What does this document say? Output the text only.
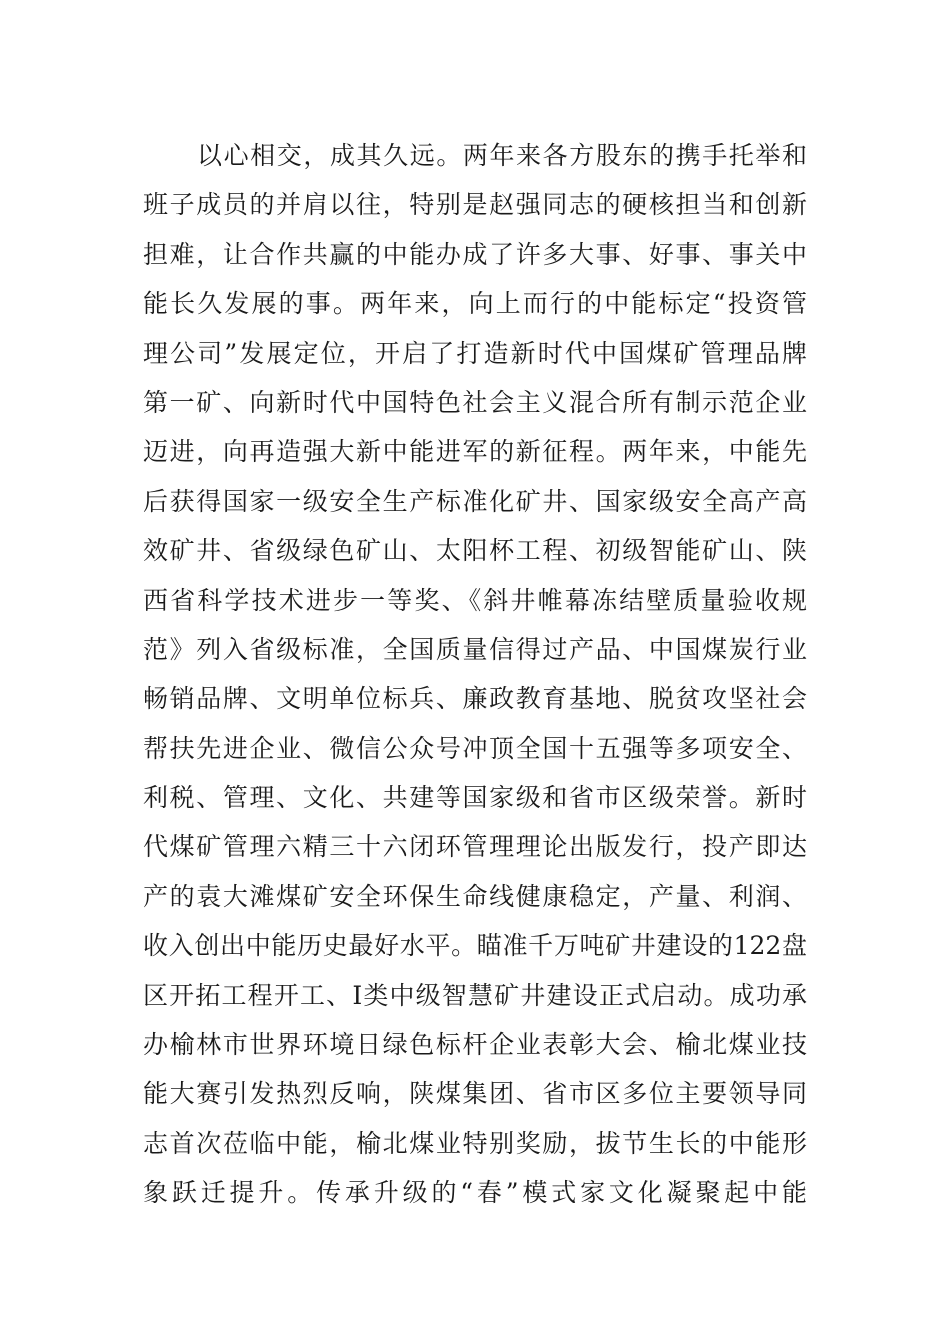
以心相交，成其久远。两年来各方股东的携手托举和
班子成员的并肩以往，特别是赵强同志的硬核担当和创新
担难，让合作共赢的中能办成了许多大事、好事、事关中
能长久发展的事。两年来，向上而行的中能标定“投资管
理公司”发展定位，开启了打造新时代中国煤矿管理品牌
第一矿、向新时代中国特色社会主义混合所有制示范企业
迈进，向再造强大新中能进军的新征程。两年来，中能先
后获得国家一级安全生产标准化矿井、国家级安全高产高
效矿井、省级绿色矿山、太阳杯工程、初级智能矿山、陕
西省科学技术进步一等奖、《斜井帷幕冻结壁质量验收规
范》列入省级标准，全国质量信得过产品、中国煤炭行业
畅销品牌、文明单位标兵、廉政教育基地、脱贫攻坚社会
帮扶先进企业、微信公众号冲顶全国十五强等多项安全、
利税、管理、文化、共建等国家级和省市区级荣誉。新时
代煤矿管理六精三十六闭环管理理论出版发行，投产即达
产的袁大滩煤矿安全环保生命线健康稳定，产量、利润、
收入创出中能历史最好水平。瞄准千万吨矿井建设的122盘
区开拓工程开工、I类中级智慧矿井建设正式启动。成功承
办榆林市世界环境日绿色标杆企业表彰大会、榆北煤业技
能大赛引发热烈反响，陕煤集团、省市区多位主要领导同
志首次莅临中能，榆北煤业特别奖励，拔节生长的中能形
象跃迁提升。传承升级的“春”模式家文化凝聚起中能
